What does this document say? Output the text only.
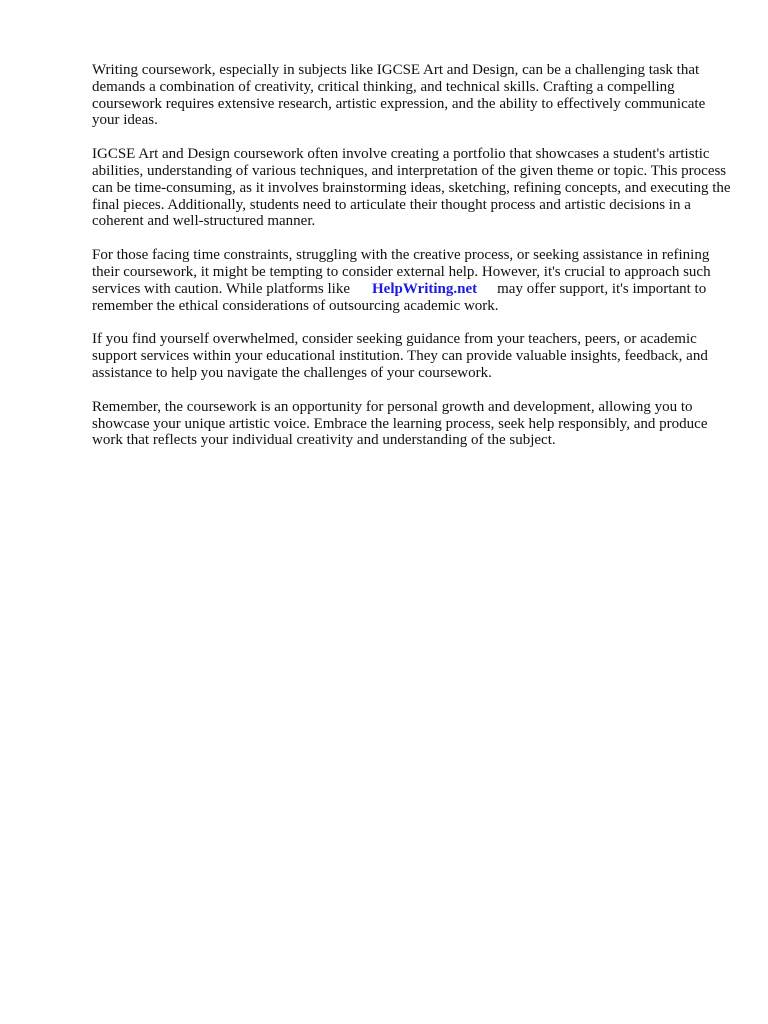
Writing coursework, especially in subjects like IGCSE Art and Design, can be a challenging task that demands a combination of creativity, critical thinking, and technical skills. Crafting a compelling coursework requires extensive research, artistic expression, and the ability to effectively communicate your ideas.

IGCSE Art and Design coursework often involve creating a portfolio that showcases a student's artistic abilities, understanding of various techniques, and interpretation of the given theme or topic. This process can be time-consuming, as it involves brainstorming ideas, sketching, refining concepts, and executing the final pieces. Additionally, students need to articulate their thought process and artistic decisions in a coherent and well-structured manner.

For those facing time constraints, struggling with the creative process, or seeking assistance in refining their coursework, it might be tempting to consider external help. However, it's crucial to approach such services with caution. While platforms like HelpWriting.net may offer support, it's important to remember the ethical considerations of outsourcing academic work.

If you find yourself overwhelmed, consider seeking guidance from your teachers, peers, or academic support services within your educational institution. They can provide valuable insights, feedback, and assistance to help you navigate the challenges of your coursework.

Remember, the coursework is an opportunity for personal growth and development, allowing you to showcase your unique artistic voice. Embrace the learning process, seek help responsibly, and produce work that reflects your individual creativity and understanding of the subject.
